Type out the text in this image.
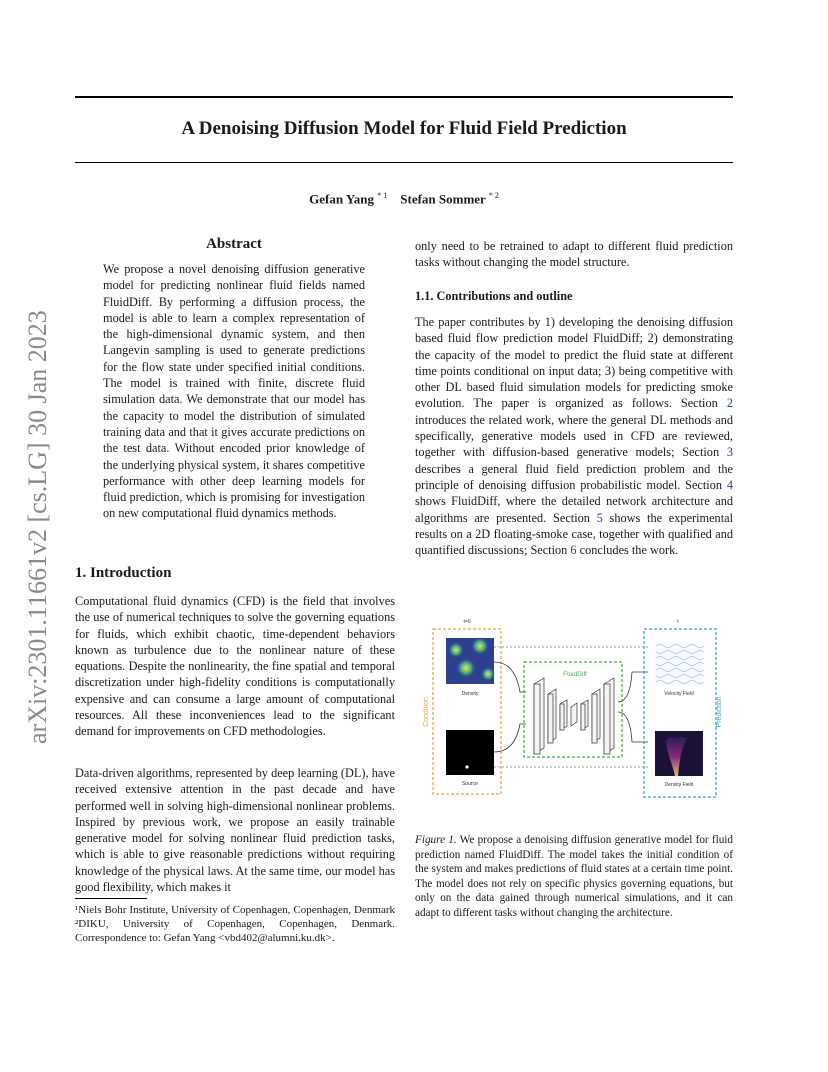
A Denoising Diffusion Model for Fluid Field Prediction
Gefan Yang $^{* 1}$ Stefan Sommer $^{* 2}$
arXiv:2301.11661v2 [cs.LG] 30 Jan 2023
Abstract

We propose a novel denoising diffusion generative model for predicting nonlinear fluid fields named FluidDiff. By performing a diffusion process, the model is able to learn a complex representation of the high-dimensional dynamic system, and then Langevin sampling is used to generate predictions for the flow state under specified initial conditions. The model is trained with finite, discrete fluid simulation data. We demonstrate that our model has the capacity to model the distribution of simulated training data and that it gives accurate predictions on the test data. Without encoded prior knowledge of the underlying physical system, it shares competitive performance with other deep learning models for fluid prediction, which is promising for investigation on new computational fluid dynamics methods.

1. Introduction

Computational fluid dynamics (CFD) is the field that involves the use of numerical techniques to solve the governing equations for fluids, which exhibit chaotic, time-dependent behaviors known as turbulence due to the nonlinear nature of these equations. Despite the nonlinearity, the fine spatial and temporal discretization under high-fidelity conditions is computationally expensive and can consume a large amount of computational resources. All these inconveniences lead to the significant demand for improvements on CFD methodologies.

Data-driven algorithms, represented by deep learning (DL), have received extensive attention in the past decade and have performed well in solving high-dimensional nonlinear problems. Inspired by previous work, we propose an easily trainable generative model for solving nonlinear fluid prediction tasks, which is able to give reasonable predictions without requiring knowledge of the physical laws. At the same time, our model has good flexibility, which makes it

¹Niels Bohr Institute, University of Copenhagen, Copenhagen, Denmark ²DIKU, University of Copenhagen, Copenhagen, Denmark. Correspondence to: Gefan Yang <vbd402@alumni.ku.dk>.

only need to be retrained to adapt to different fluid prediction tasks without changing the model structure.

1.1. Contributions and outline

The paper contributes by 1) developing the denoising diffusion based fluid flow prediction model FluidDiff; 2) demonstrating the capacity of the model to predict the fluid state at different time points conditional on input data; 3) being competitive with other DL based fluid simulation models for predicting smoke evolution. The paper is organized as follows. Section 2 introduces the related work, where the general DL methods and specifically, generative models used in CFD are reviewed, together with diffusion-based generative models; Section 3 describes a general fluid field prediction problem and the principle of denoising diffusion probabilistic model. Section 4 shows FluidDiff, where the detailed network architecture and algorithms are presented. Section 5 shows the experimental results on a 2D floating-smoke case, together with qualified and quantified discussions; Section 6 concludes the work.

t=0
Condition
Density
Source
FluidDiff
t
Prediction
Velocity Field
Density Field

Figure 1. We propose a denoising diffusion generative model for fluid prediction named FluidDiff. The model takes the initial condition of the system and makes predictions of fluid states at a certain time point. The model does not rely on specific physics governing equations, but only on the data gained through numerical simulations, and it can adapt to different tasks without changing the architecture.
